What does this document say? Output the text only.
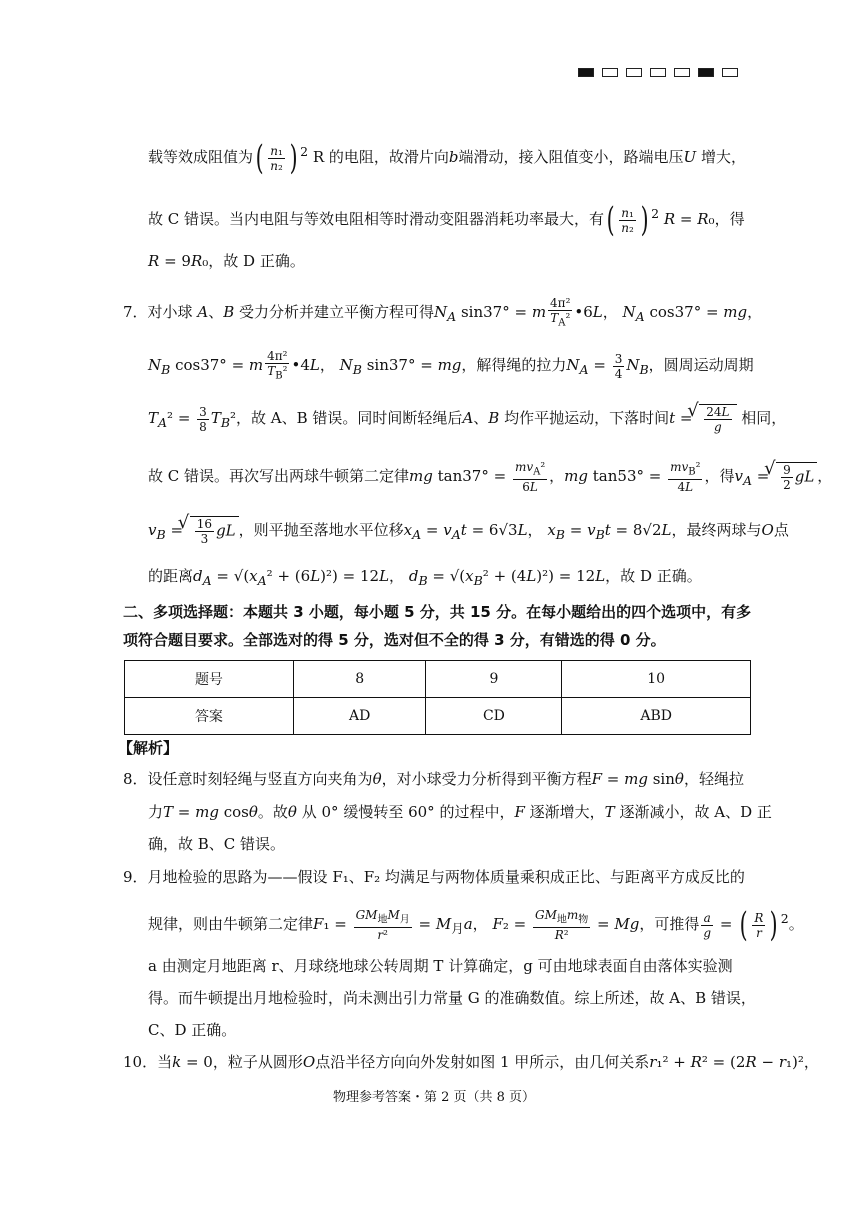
载等效成阻值为( $\frac{\text{n₁}}{\text{n₂}}$ ) $^2$ R 的电阻，故滑片向b端滑动，接入阻值变小，路端电压U 增大，
故 C 错误。当内电阻与等效电阻相等时滑动变阻器消耗功率最大，有( $\frac{\text{n₁}}{\text{n₂}}$ ) $^2$ R = R₀，得
R = 9R₀，故 D 正确。
7．对小球 A、B 受力分析并建立平衡方程可得$N_A$ sin37° = m $\frac{\text{4π²}}{T_A^2}$ •6L， $N_A$ cos37° = mg，
$N_B$ cos37° = m $\frac{\text{4π²}}{T_B^2}$ •4L， $N_B$ sin37° = mg，解得绳的拉力$N_A = \frac{3}{4} N_B$，圆周运动周期
$T_A^2 = \frac{3}{8} T_B^2$，故 A、B 错误。同时间断轻绳后A、B 均作平抛运动，下落时间t = √ $\frac{24L}{g}$ 相同，
故 C 错误。再次写出两球牛顿第二定律mg $\tan 37^\circ = \frac{mv_A^2}{6L}$ ，mg $\tan 53^\circ = \frac{mv_B^2}{4L}$ ，得$v_A$ = √ $\frac{9}{2}$ gL ，
$v_B$ = √ $\frac{16}{3}$ gL ，则平抛至落地水平位移$x_A = v_At = 6√3L$， $x_B = v_Bt = 8√2L$，最终两球与O点
的距离$d_A = √(x_A^2 + (6L)^2) = 12L$， $d_B = √(x_B^2 + (4L)^2) = 12L$，故 D 正确。
二、多项选择题：本题共 3 小题，每小题 5 分，共 15 分。在每小题给出的四个选项中，有多
项符合题目要求。全部选对的得 5 分，选对但不全的得 3 分，有错选的得 0 分。
题号	8	9	10
答案	AD	CD	ABD
【解析】
8．设任意时刻轻绳与竖直方向夹角为θ，对小球受力分析得到平衡方程F = mg sinθ，轻绳拉
力T = mg cosθ。故θ 从 0° 缓慢转至 60° 的过程中，F 逐渐增大，T 逐渐减小，故 A、D 正
确，故 B、C 错误。
9．月地检验的思路为——假设 F₁、F₂ 均满足与两物体质量乘积成正比、与距离平方成反比的
规律，则由牛顿第二定律$F_1 = \frac{GM_地M_月}{\text{r²}} = M_月a$， $F_2 = \frac{GM_地m_物}{\text{R²}} = Mg$，可推得 $\frac{a}{g}$ = ( $\frac{R}{r}$ ) $^2$。
a 由测定月地距离 r、月球绕地球公转周期 T 计算确定，g 可由地球表面自由落体实验测
得。而牛顿提出月地检验时，尚未测出引力常量 G 的准确数值。综上所述，故 A、B 错误，
C、D 正确。
10．当k = 0，粒子从圆形O点沿半径方向向外发射如图 1 甲所示，由几何关系r₁² + R² = (2R − r₁)²，
物理参考答案・第 2 页（共 8 页）
